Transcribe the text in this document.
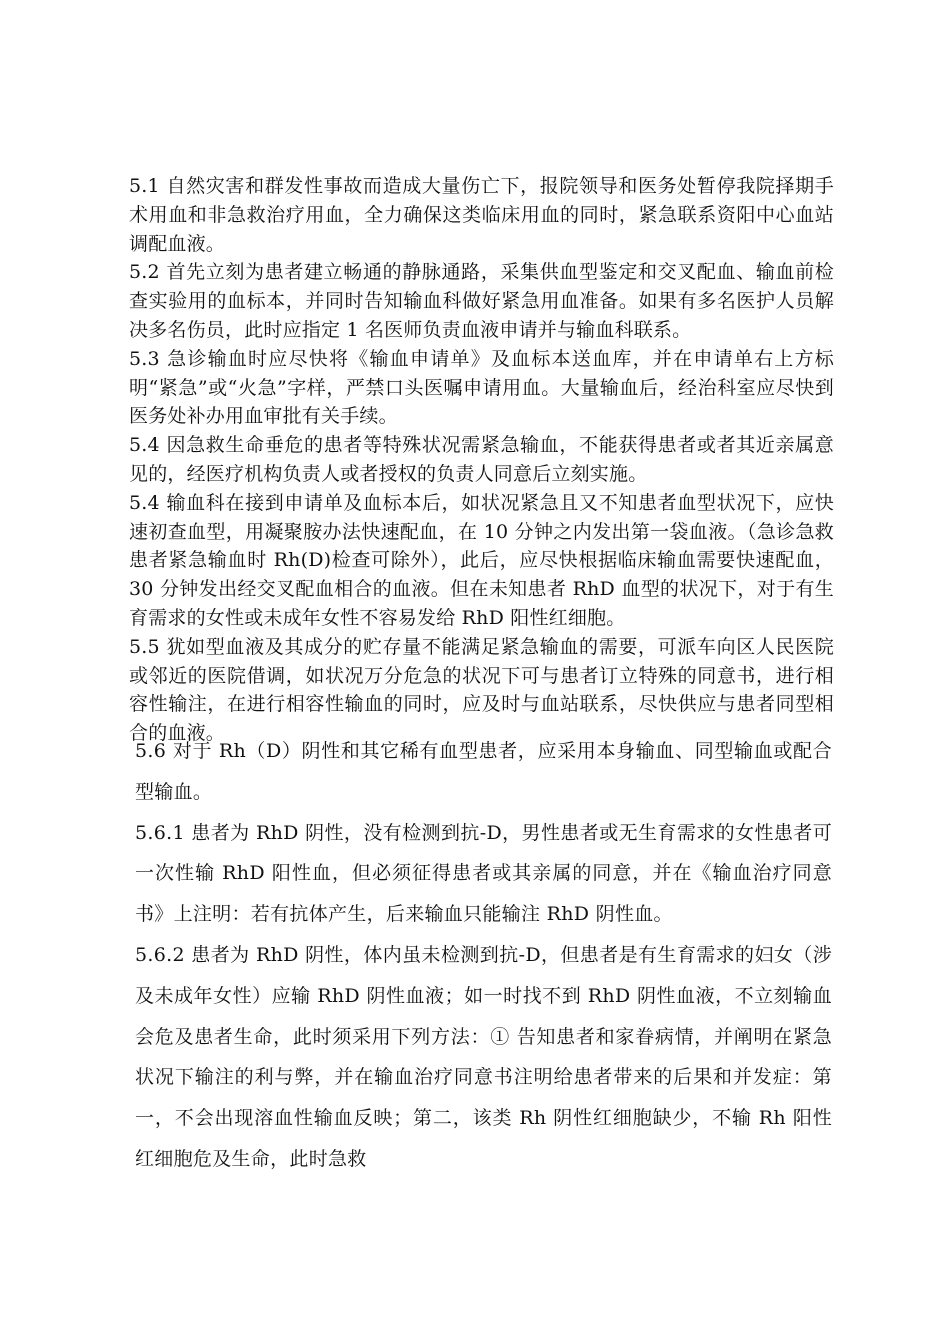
5.1 自然灾害和群发性事故而造成大量伤亡下，报院领导和医务处暂停我院择期手术用血和非急救治疗用血，全力确保这类临床用血的同时，紧急联系资阳中心血站调配血液。

5.2 首先立刻为患者建立畅通的静脉通路，采集供血型鉴定和交叉配血、输血前检查实验用的血标本，并同时告知输血科做好紧急用血准备。如果有多名医护人员解决多名伤员，此时应指定 1 名医师负责血液申请并与输血科联系。

5.3 急诊输血时应尽快将《输血申请单》及血标本送血库，并在申请单右上方标明“紧急”或“火急”字样，严禁口头医嘱申请用血。大量输血后，经治科室应尽快到医务处补办用血审批有关手续。

5.4 因急救生命垂危的患者等特殊状况需紧急输血，不能获得患者或者其近亲属意见的，经医疗机构负责人或者授权的负责人同意后立刻实施。

5.4 输血科在接到申请单及血标本后，如状况紧急且又不知患者血型状况下，应快速初查血型，用凝聚胺办法快速配血，在 10 分钟之内发出第一袋血液。（急诊急救患者紧急输血时 Rh(D)检查可除外），此后，应尽快根据临床输血需要快速配血，30 分钟发出经交叉配血相合的血液。但在未知患者 RhD 血型的状况下，对于有生育需求的女性或未成年女性不容易发给 RhD 阳性红细胞。

5.5 犹如型血液及其成分的贮存量不能满足紧急输血的需要，可派车向区人民医院或邻近的医院借调，如状况万分危急的状况下可与患者订立特殊的同意书，进行相容性输注，在进行相容性输血的同时，应及时与血站联系，尽快供应与患者同型相合的血液。

5.6 对于 Rh（D）阴性和其它稀有血型患者，应采用本身输血、同型输血或配合型输血。

5.6.1 患者为 RhD 阴性，没有检测到抗-D，男性患者或无生育需求的女性患者可一次性输 RhD 阳性血，但必须征得患者或其亲属的同意，并在《输血治疗同意书》上注明：若有抗体产生，后来输血只能输注 RhD 阴性血。

5.6.2 患者为 RhD 阴性，体内虽未检测到抗-D，但患者是有生育需求的妇女（涉及未成年女性）应输 RhD 阴性血液；如一时找不到 RhD 阴性血液，不立刻输血会危及患者生命，此时须采用下列方法：① 告知患者和家眷病情，并阐明在紧急状况下输注的利与弊，并在输血治疗同意书注明给患者带来的后果和并发症：第一，不会出现溶血性输血反映；第二，该类 Rh 阴性红细胞缺少，不输 Rh 阳性红细胞危及生命，此时急救
